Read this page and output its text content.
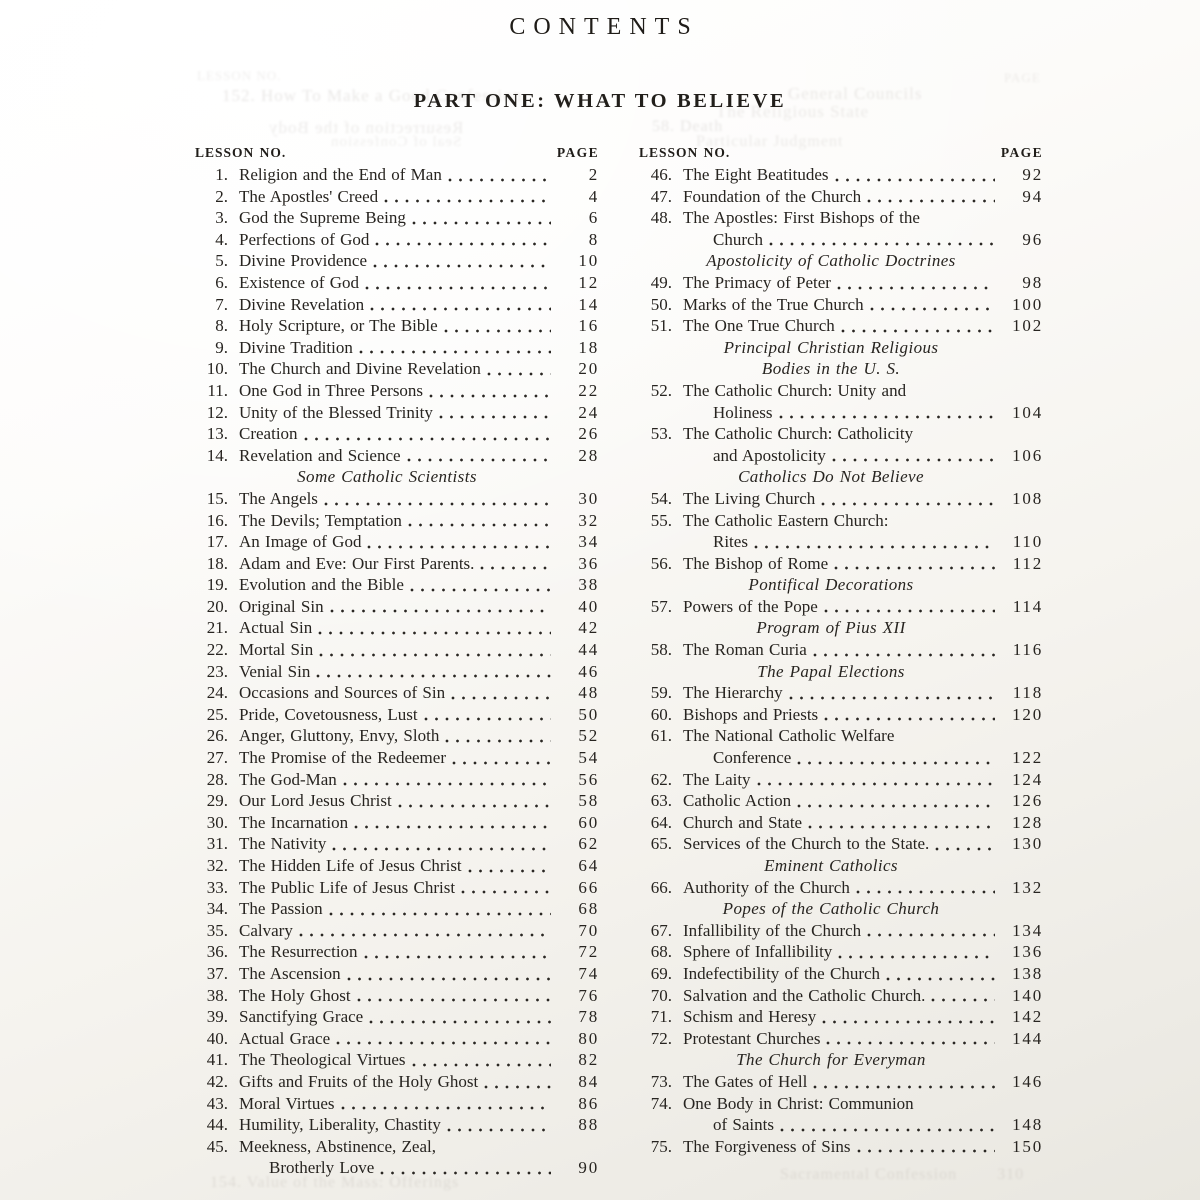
LESSON NO.	PAGE
152. How To Make a Good Confession
Resurrection of the Body
Seal of Confession
General Councils
The Religious State
58. Death
Particular Judgment
154. Value of the Mass: Offerings	Sacramental Confession        310
CONTENTS
PART ONE: WHAT TO BELIEVE
LESSON NO.	PAGE
1. Religion and the End of Man	2
2. The Apostles' Creed	4
3. God the Supreme Being	6
4. Perfections of God	8
5. Divine Providence	10
6. Existence of God	12
7. Divine Revelation	14
8. Holy Scripture, or The Bible	16
9. Divine Tradition	18
10. The Church and Divine Revelation	20
11. One God in Three Persons	22
12. Unity of the Blessed Trinity	24
13. Creation	26
14. Revelation and Science	28
Some Catholic Scientists
15. The Angels	30
16. The Devils; Temptation	32
17. An Image of God	34
18. Adam and Eve: Our First Parents.	36
19. Evolution and the Bible	38
20. Original Sin	40
21. Actual Sin	42
22. Mortal Sin	44
23. Venial Sin	46
24. Occasions and Sources of Sin	48
25. Pride, Covetousness, Lust	50
26. Anger, Gluttony, Envy, Sloth	52
27. The Promise of the Redeemer	54
28. The God-Man	56
29. Our Lord Jesus Christ	58
30. The Incarnation	60
31. The Nativity	62
32. The Hidden Life of Jesus Christ	64
33. The Public Life of Jesus Christ	66
34. The Passion	68
35. Calvary	70
36. The Resurrection	72
37. The Ascension	74
38. The Holy Ghost	76
39. Sanctifying Grace	78
40. Actual Grace	80
41. The Theological Virtues	82
42. Gifts and Fruits of the Holy Ghost	84
43. Moral Virtues	86
44. Humility, Liberality, Chastity	88
45. Meekness, Abstinence, Zeal,
Brotherly Love	90
LESSON NO.	PAGE
46. The Eight Beatitudes	92
47. Foundation of the Church	94
48. The Apostles: First Bishops of the
Church	96
Apostolicity of Catholic Doctrines
49. The Primacy of Peter	98
50. Marks of the True Church	100
51. The One True Church	102
Principal Christian Religious
Bodies in the U. S.
52. The Catholic Church: Unity and
Holiness	104
53. The Catholic Church: Catholicity
and Apostolicity	106
Catholics Do Not Believe
54. The Living Church	108
55. The Catholic Eastern Church:
Rites	110
56. The Bishop of Rome	112
Pontifical Decorations
57. Powers of the Pope	114
Program of Pius XII
58. The Roman Curia	116
The Papal Elections
59. The Hierarchy	118
60. Bishops and Priests	120
61. The National Catholic Welfare
Conference	122
62. The Laity	124
63. Catholic Action	126
64. Church and State	128
65. Services of the Church to the State.	130
Eminent Catholics
66. Authority of the Church	132
Popes of the Catholic Church
67. Infallibility of the Church	134
68. Sphere of Infallibility	136
69. Indefectibility of the Church	138
70. Salvation and the Catholic Church.	140
71. Schism and Heresy	142
72. Protestant Churches	144
The Church for Everyman
73. The Gates of Hell	146
74. One Body in Christ: Communion
of Saints	148
75. The Forgiveness of Sins	150
